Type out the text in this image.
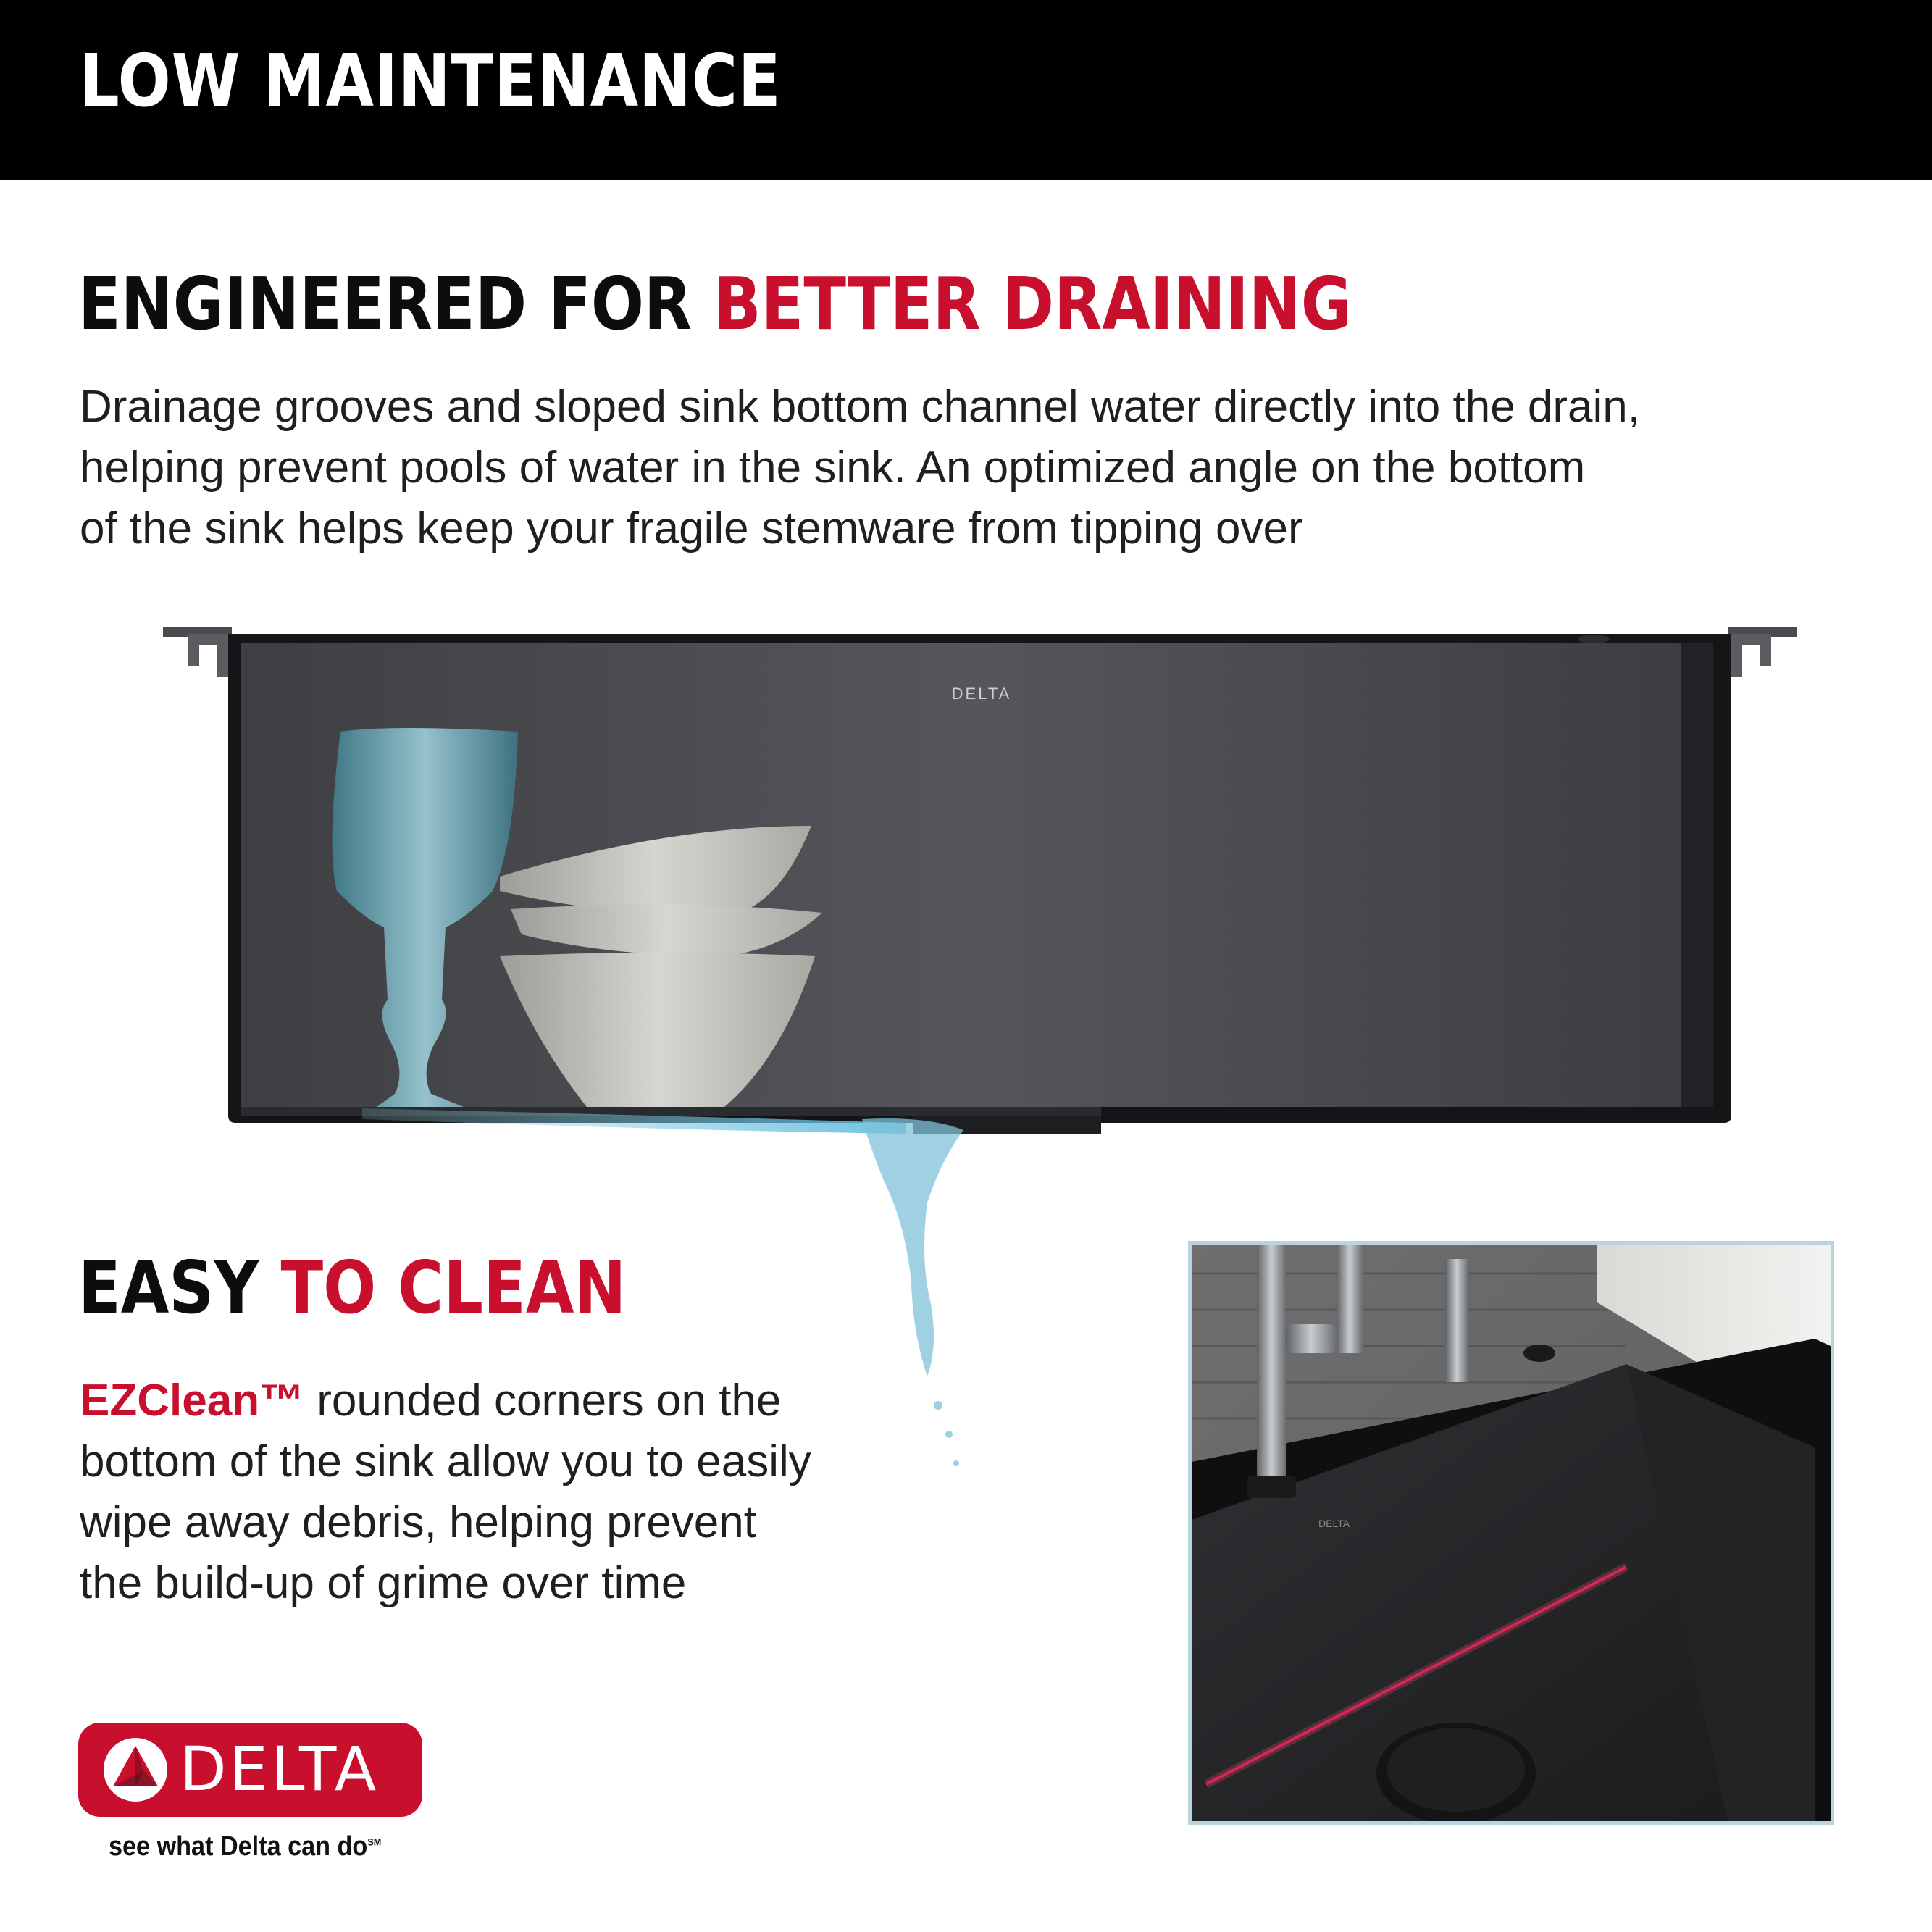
LOW MAINTENANCE
ENGINEERED FOR BETTER DRAINING
Drainage grooves and sloped sink bottom channel water directly into the drain,
helping prevent pools of water in the sink. An optimized angle on the bottom
of the sink helps keep your fragile stemware from tipping over
DELTA
EASY TO CLEAN
EZClean™ rounded corners on the
bottom of the sink allow you to easily
wipe away debris, helping prevent
the build-up of grime over time
DELTA
DELTA
see what Delta can do℠
